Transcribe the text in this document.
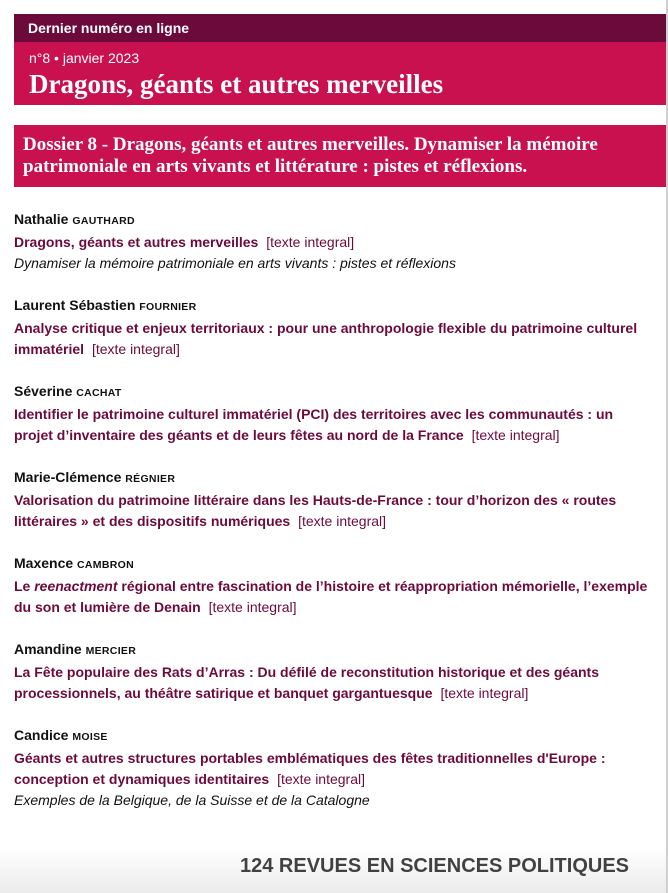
Dernier numéro en ligne
n°8 • janvier 2023
Dragons, géants et autres merveilles
Dossier 8 - Dragons, géants et autres merveilles. Dynamiser la mémoire patrimoniale en arts vivants et littérature : pistes et réflexions.
Nathalie GAUTHARD
Dragons, géants et autres merveilles [texte integral]
Dynamiser la mémoire patrimoniale en arts vivants : pistes et réflexions
Laurent Sébastien FOURNIER
Analyse critique et enjeux territoriaux : pour une anthropologie flexible du patrimoine culturel immatériel [texte integral]
Séverine CACHAT
Identifier le patrimoine culturel immatériel (PCI) des territoires avec les communautés : un projet d’inventaire des géants et de leurs fêtes au nord de la France [texte integral]
Marie-Clémence RÉGNIER
Valorisation du patrimoine littéraire dans les Hauts-de-France : tour d’horizon des « routes littéraires » et des dispositifs numériques [texte integral]
Maxence CAMBRON
Le reenactment régional entre fascination de l’histoire et réappropriation mémorielle, l’exemple du son et lumière de Denain [texte integral]
Amandine MERCIER
La Fête populaire des Rats d’Arras : Du défilé de reconstitution historique et des géants processionnels, au théâtre satirique et banquet gargantuesque [texte integral]
Candice MOISE
Géants et autres structures portables emblématiques des fêtes traditionnelles d'Europe : conception et dynamiques identitaires [texte integral]
Exemples de la Belgique, de la Suisse et de la Catalogne
124 REVUES EN SCIENCES POLITIQUES
